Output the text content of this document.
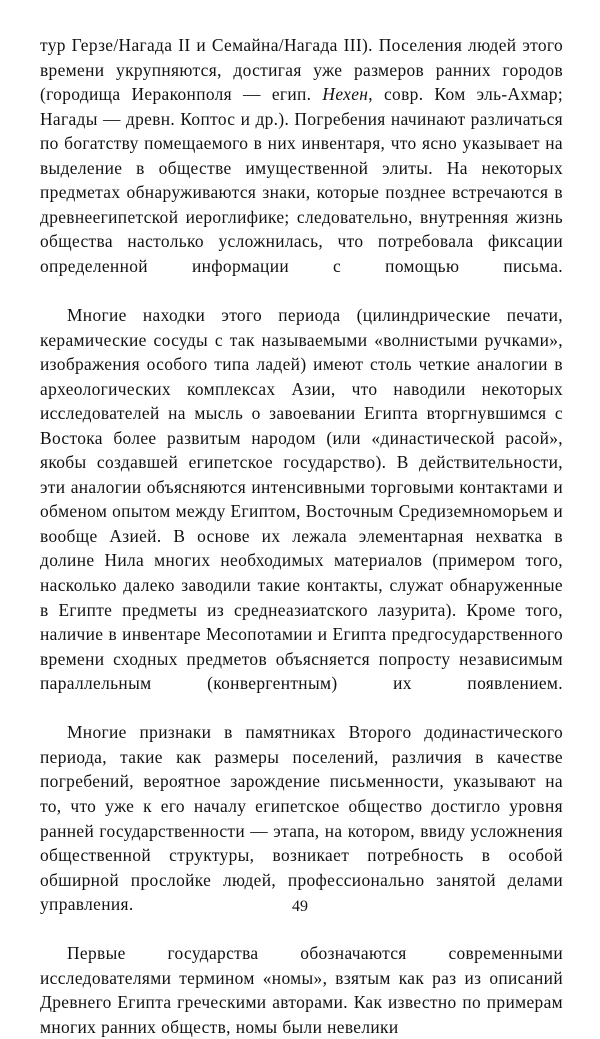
тур Герзе/Нагада II и Семайна/Нагада III). Поселения людей этого времени укрупняются, достигая уже размеров ранних городов (городища Иераконполя — егип. Нехен, совр. Ком эль-Ахмар; Нагады — древн. Коптос и др.). Погребения начинают различаться по богатству помещаемого в них инвентаря, что ясно указывает на выделение в обществе имущественной элиты. На некоторых предметах обнаруживаются знаки, которые позднее встречаются в древнеегипетской иероглифике; следовательно, внутренняя жизнь общества настолько усложнилась, что потребовала фиксации определенной информации с помощью письма.

Многие находки этого периода (цилиндрические печати, керамические сосуды с так называемыми «волнистыми ручками», изображения особого типа ладей) имеют столь четкие аналогии в археологических комплексах Азии, что наводили некоторых исследователей на мысль о завоевании Египта вторгнувшимся с Востока более развитым народом (или «династической расой», якобы создавшей египетское государство). В действительности, эти аналогии объясняются интенсивными торговыми контактами и обменом опытом между Египтом, Восточным Средиземноморьем и вообще Азией. В основе их лежала элементарная нехватка в долине Нила многих необходимых материалов (примером того, насколько далеко заводили такие контакты, служат обнаруженные в Египте предметы из среднеазиатского лазурита). Кроме того, наличие в инвентаре Месопотамии и Египта предгосударственного времени сходных предметов объясняется попросту независимым параллельным (конвергентным) их появлением.

Многие признаки в памятниках Второго додинастического периода, такие как размеры поселений, различия в качестве погребений, вероятное зарождение письменности, указывают на то, что уже к его началу египетское общество достигло уровня ранней государственности — этапа, на котором, ввиду усложнения общественной структуры, возникает потребность в особой обширной прослойке людей, профессионально занятой делами управления.

Первые государства обозначаются современными исследователями термином «номы», взятым как раз из описаний Древнего Египта греческими авторами. Как известно по примерам многих ранних обществ, номы были невелики

49
